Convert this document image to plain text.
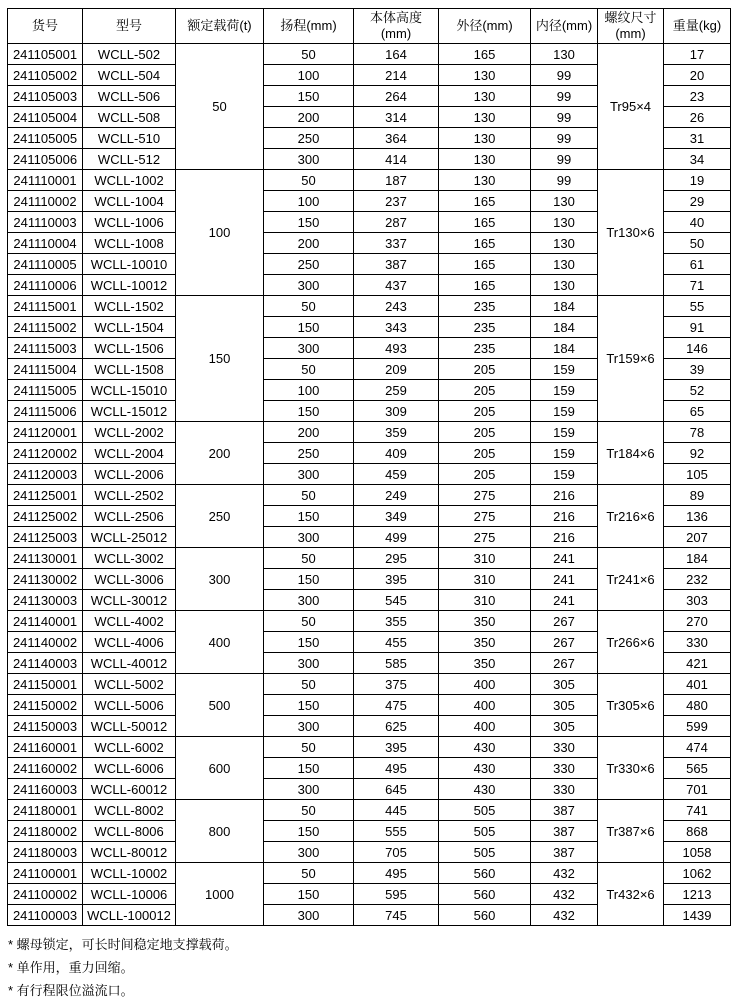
货号	型号	额定载荷(t)	扬程(mm)	本体高度(mm)	外径(mm)	内径(mm)	螺纹尺寸(mm)	重量(kg)
241105001	WCLL-502	50	50	164	165	130	Tr95×4	17
241105002	WCLL-504		100	214	130	99		20
241105003	WCLL-506		150	264	130	99		23
241105004	WCLL-508		200	314	130	99		26
241105005	WCLL-510		250	364	130	99		31
241105006	WCLL-512		300	414	130	99		34
241110001	WCLL-1002	100	50	187	130	99	Tr130×6	19
241110002	WCLL-1004		100	237	165	130		29
241110003	WCLL-1006		150	287	165	130		40
241110004	WCLL-1008		200	337	165	130		50
241110005	WCLL-10010		250	387	165	130		61
241110006	WCLL-10012		300	437	165	130		71
241115001	WCLL-1502	150	50	243	235	184	Tr159×6	55
241115002	WCLL-1504		150	343	235	184		91
241115003	WCLL-1506		300	493	235	184		146
241115004	WCLL-1508		50	209	205	159		39
241115005	WCLL-15010		100	259	205	159		52
241115006	WCLL-15012		150	309	205	159		65
241120001	WCLL-2002	200	200	359	205	159	Tr184×6	78
241120002	WCLL-2004		250	409	205	159		92
241120003	WCLL-2006		300	459	205	159		105
241125001	WCLL-2502	250	50	249	275	216	Tr216×6	89
241125002	WCLL-2506		150	349	275	216		136
241125003	WCLL-25012		300	499	275	216		207
241130001	WCLL-3002	300	50	295	310	241	Tr241×6	184
241130002	WCLL-3006		150	395	310	241		232
241130003	WCLL-30012		300	545	310	241		303
241140001	WCLL-4002	400	50	355	350	267	Tr266×6	270
241140002	WCLL-4006		150	455	350	267		330
241140003	WCLL-40012		300	585	350	267		421
241150001	WCLL-5002	500	50	375	400	305	Tr305×6	401
241150002	WCLL-5006		150	475	400	305		480
241150003	WCLL-50012		300	625	400	305		599
241160001	WCLL-6002	600	50	395	430	330	Tr330×6	474
241160002	WCLL-6006		150	495	430	330		565
241160003	WCLL-60012		300	645	430	330		701
241180001	WCLL-8002	800	50	445	505	387	Tr387×6	741
241180002	WCLL-8006		150	555	505	387		868
241180003	WCLL-80012		300	705	505	387		1058
241100001	WCLL-10002	1000	50	495	560	432	Tr432×6	1062
241100002	WCLL-10006		150	595	560	432		1213
241100003	WCLL-100012		300	745	560	432		1439
* 螺母锁定，可长时间稳定地支撑载荷。
* 单作用，重力回缩。
* 有行程限位溢流口。
